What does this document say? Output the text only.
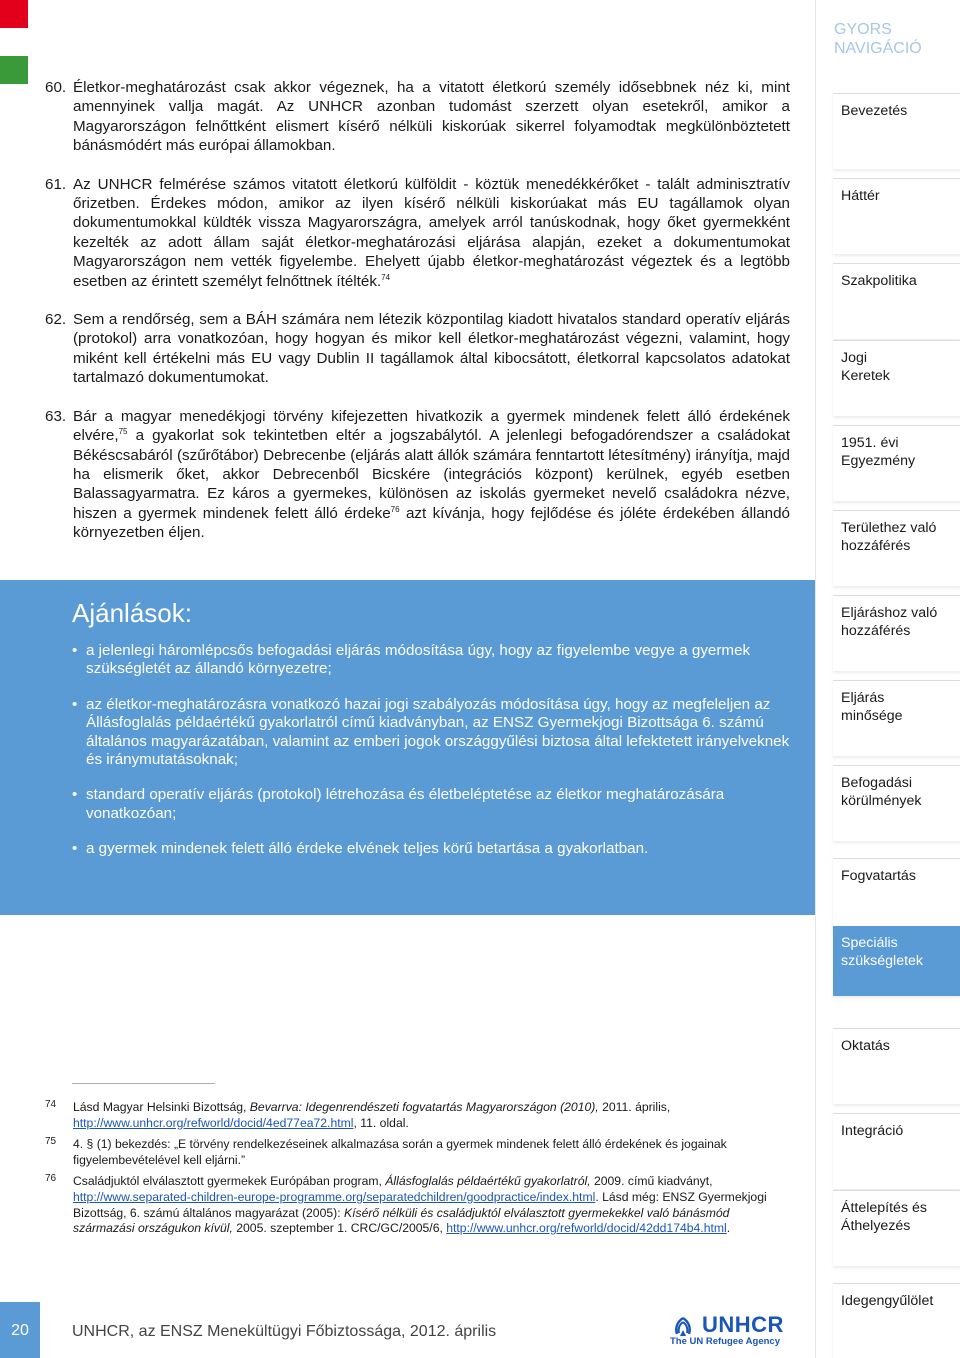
60. Életkor-meghatározást csak akkor végeznek, ha a vitatott életkorú személy idősebbnek néz ki, mint amennyinek vallja magát. Az UNHCR azonban tudomást szerzett olyan esetekről, amikor a Magyarországon felnőttként elismert kísérő nélküli kiskorúak sikerrel folyamodtak megkülönböztetett bánásmódért más európai államokban.

61. Az UNHCR felmérése számos vitatott életkorú külföldit - köztük menedékkérőket - talált adminisztratív őrizetben. Érdekes módon, amikor az ilyen kísérő nélküli kiskorúakat más EU tagállamok olyan dokumentumokkal küldték vissza Magyarországra, amelyek arról tanúskodnak, hogy őket gyermekként kezelték az adott állam saját életkor-meghatározási eljárása alapján, ezeket a dokumentumokat Magyarországon nem vették figyelembe. Ehelyett újabb életkor-meghatározást végeztek és a legtöbb esetben az érintett személyt felnőttnek ítélték.$^{74}$

62. Sem a rendőrség, sem a BÁH számára nem létezik központilag kiadott hivatalos standard operatív eljárás (protokol) arra vonatkozóan, hogy hogyan és mikor kell életkor-meghatározást végezni, valamint, hogy miként kell értékelni más EU vagy Dublin II tagállamok által kibocsátott, életkorral kapcsolatos adatokat tartalmazó dokumentumokat.

63. Bár a magyar menedékjogi törvény kifejezetten hivatkozik a gyermek mindenek felett álló érdekének elvére,$^{75}$ a gyakorlat sok tekintetben eltér a jogszabálytól. A jelenlegi befogadórendszer a családokat Békéscsabáról (szűrőtábor) Debrecenbe (eljárás alatt állók számára fenntartott létesítmény) irányítja, majd ha elismerik őket, akkor Debrecenből Bicskére (integrációs központ) kerülnek, egyéb esetben Balassagyarmatra. Ez káros a gyermekes, különösen az iskolás gyermeket nevelő családokra nézve, hiszen a gyermek mindenek felett álló érdeke$^{76}$ azt kívánja, hogy fejlődése és jóléte érdekében állandó környezetben éljen.

Ajánlások:
• a jelenlegi háromlépcsős befogadási eljárás módosítása úgy, hogy az figyelembe vegye a gyermek szükségletét az állandó környezetre;
• az életkor-meghatározásra vonatkozó hazai jogi szabályozás módosítása úgy, hogy az megfeleljen az Állásfoglalás példaértékű gyakorlatról című kiadványban, az ENSZ Gyermekjogi Bizottsága 6. számú általános magyarázatában, valamint az emberi jogok országgyűlési biztosa által lefektetett irányelveknek és iránymutatásoknak;
• standard operatív eljárás (protokol) létrehozása és életbeléptetése az életkor meghatározására vonatkozóan;
• a gyermek mindenek felett álló érdeke elvének teljes körű betartása a gyakorlatban.
74 Lásd Magyar Helsinki Bizottság, Bevarrva: Idegenrendészeti fogvatartás Magyarországon (2010), 2011. április, http://www.unhcr.org/refworld/docid/4ed77ea72.html, 11. oldal.
75 4. § (1) bekezdés: „E törvény rendelkezéseinek alkalmazása során a gyermek mindenek felett álló érdekének és jogainak figyelembevételével kell eljárni.”
76 Családjuktól elválasztott gyermekek Európában program, Állásfoglalás példaértékű gyakorlatról, 2009. című kiadványt, http://www.separated-children-europe-programme.org/separatedchildren/goodpractice/index.html. Lásd még: ENSZ Gyermekjogi Bizottság, 6. számú általános magyarázat (2005): Kísérő nélküli és családjuktól elválasztott gyermekekkel való bánásmód származási országukon kívül, 2005. szeptember 1. CRC/GC/2005/6, http://www.unhcr.org/refworld/docid/42dd174b4.html.
20	UNHCR, az ENSZ Menekültügyi Főbiztossága, 2012. április	UNHCR
The UN Refugee Agency
GYORS
NAVIGÁCIÓ
Bevezetés
Háttér
Szakpolitika
Jogi
Keretek
1951. évi
Egyezmény
Területhez való
hozzáférés
Eljáráshoz való
hozzáférés
Eljárás
minősége
Befogadási
körülmények
Fogvatartás
Speciális
szükségletek
Oktatás
Integráció
Áttelepítés és
Áthelyezés
Idegengyűlölet
